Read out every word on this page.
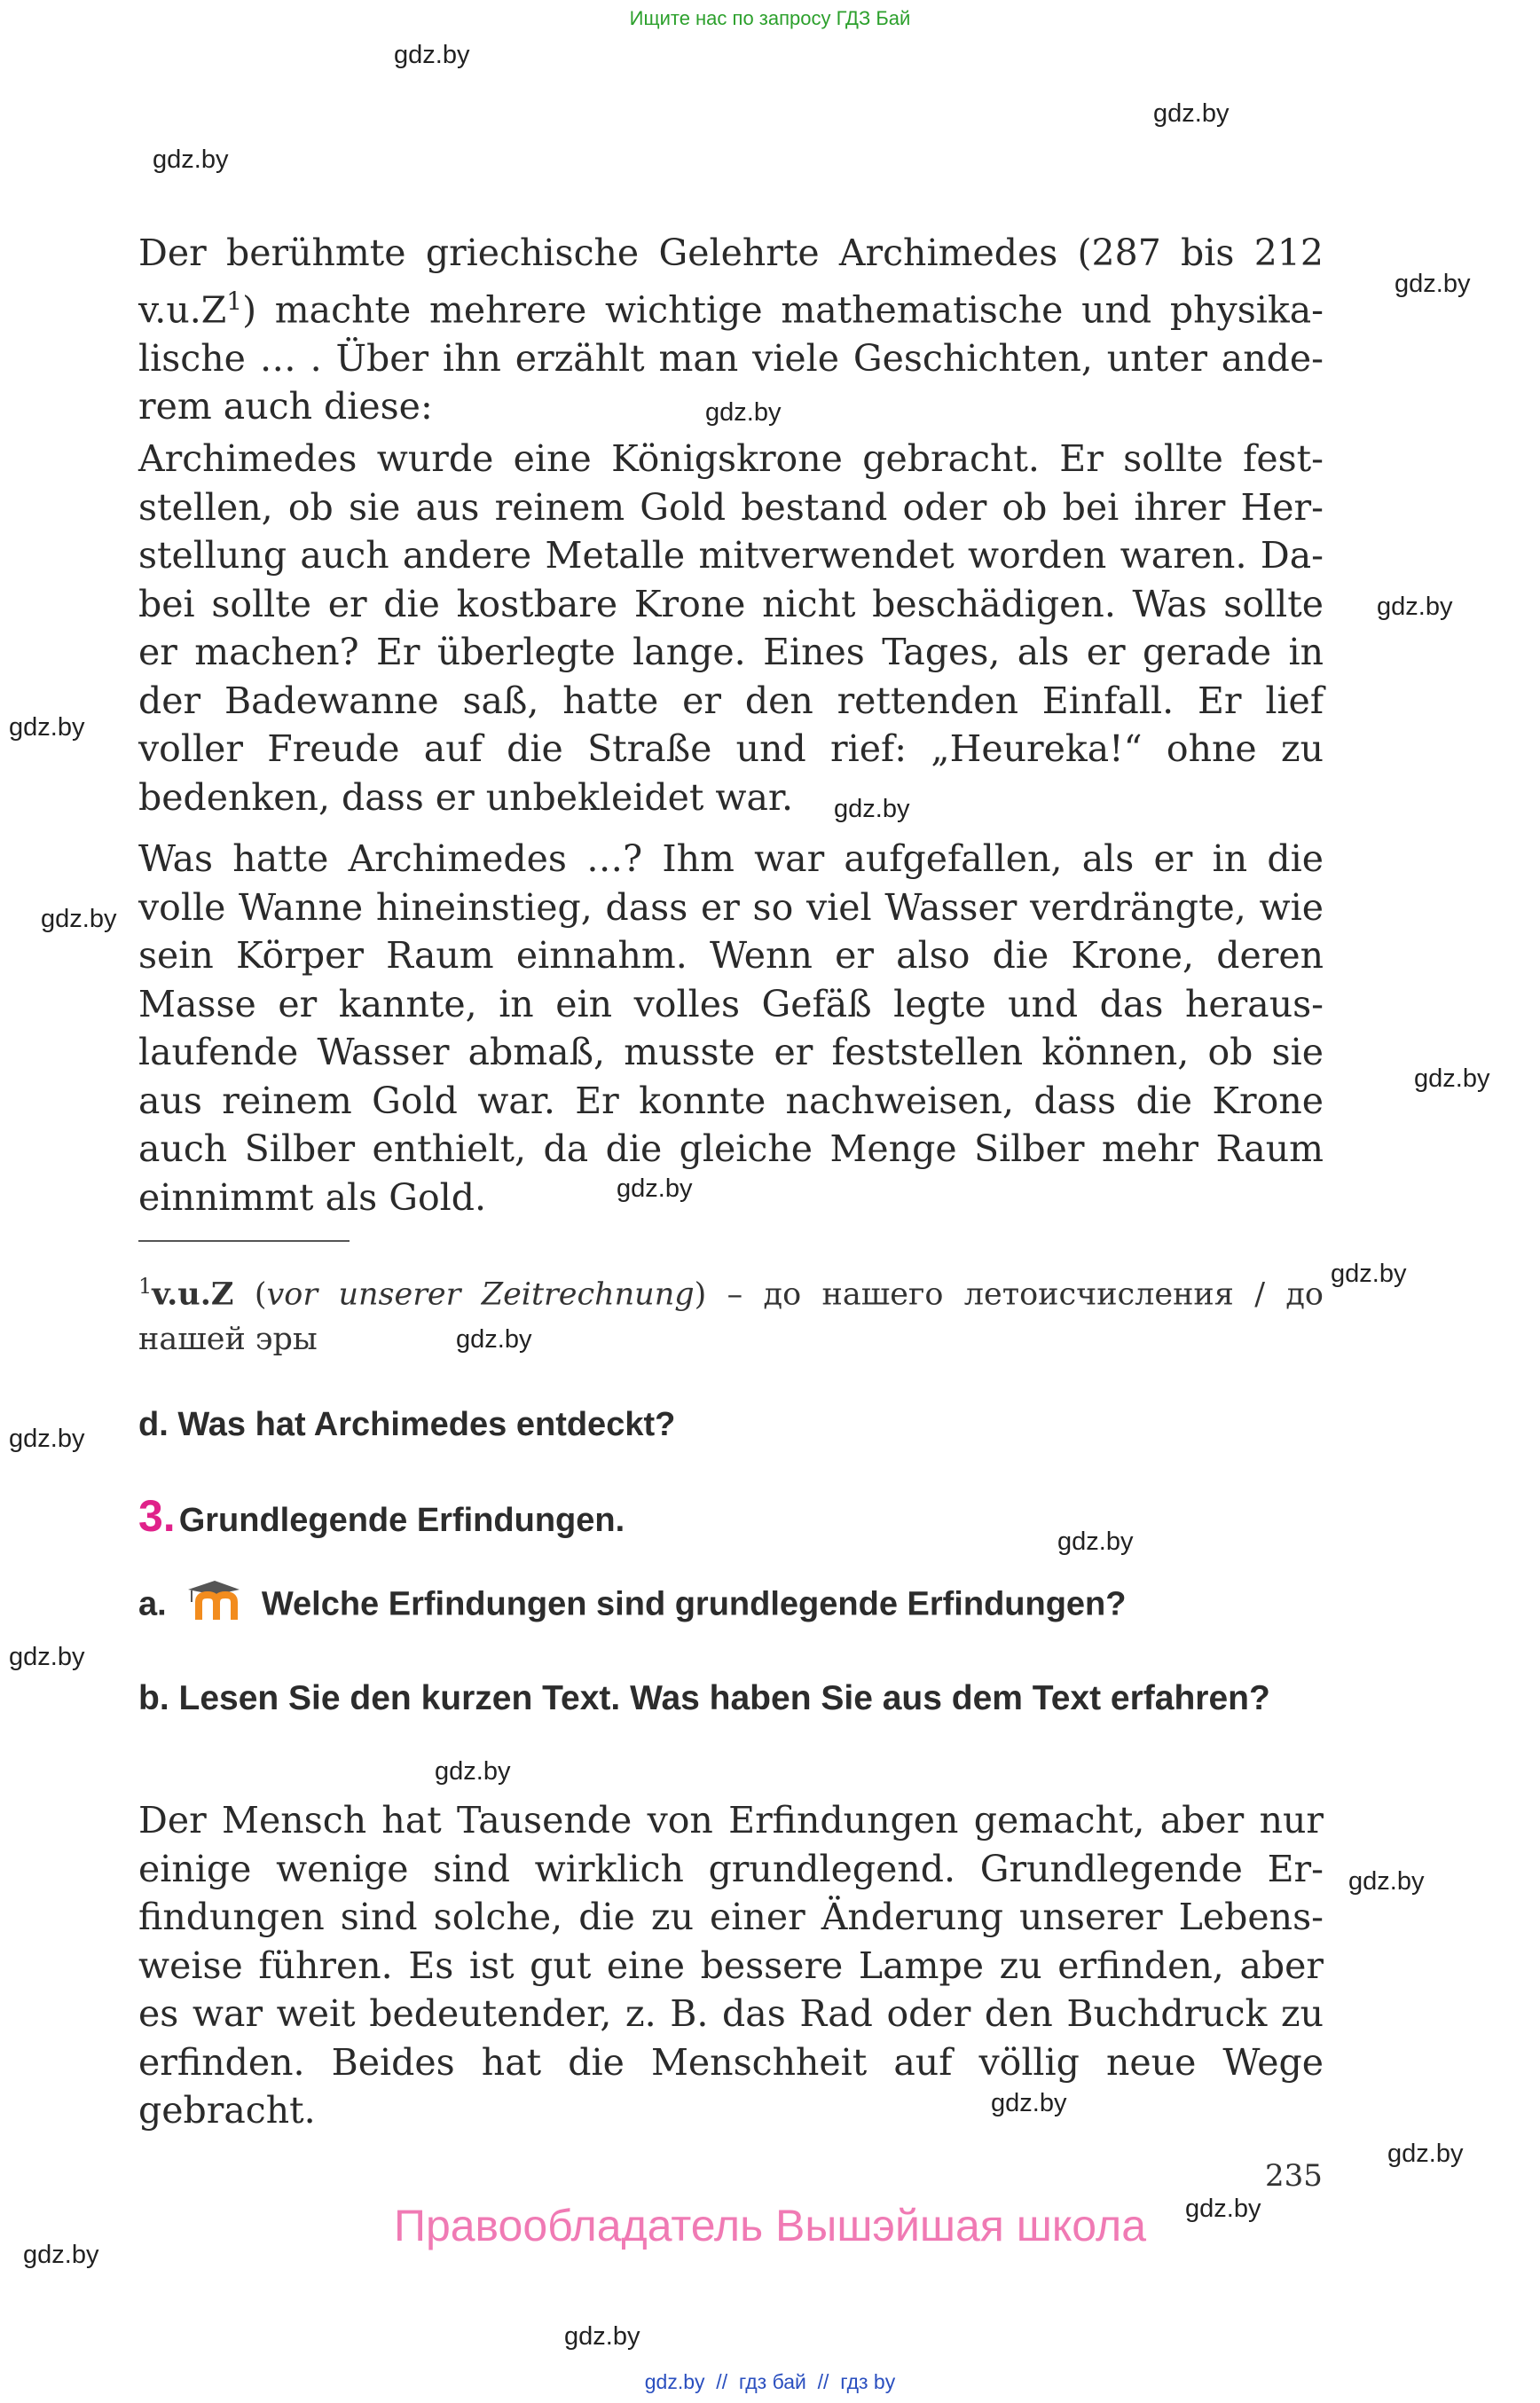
Ищите нас по запросу ГДЗ Бай
gdz.by
gdz.by
gdz.by
gdz.by
gdz.by
gdz.by
gdz.by
gdz.by
gdz.by
gdz.by
gdz.by
gdz.by
gdz.by
gdz.by
gdz.by
gdz.by
gdz.by
gdz.by
gdz.by
gdz.by
gdz.by
gdz.by
gdz.by

Der berühmte griechische Gelehrte Archimedes (287 bis 212 $v.u.Z^1$) machte mehrere wichtige mathematische und physikalische … . Über ihn erzählt man viele Geschichten, unter anderem auch diese:

Archimedes wurde eine Königskrone gebracht. Er sollte feststellen, ob sie aus reinem Gold bestand oder ob bei ihrer Herstellung auch andere Metalle mitverwendet worden waren. Dabei sollte er die kostbare Krone nicht beschädigen. Was sollte er machen? Er überlegte lange. Eines Tages, als er gerade in der Badewanne saß, hatte er den rettenden Einfall. Er lief voller Freude auf die Straße und rief: „Heureka!“ ohne zu bedenken, dass er unbekleidet war.

Was hatte Archimedes …? Ihm war aufgefallen, als er in die volle Wanne hineinstieg, dass er so viel Wasser verdrängte, wie sein Körper Raum einnahm. Wenn er also die Krone, deren Masse er kannte, in ein volles Gefäß legte und das herauslaufende Wasser abmaß, musste er feststellen können, ob sie aus reinem Gold war. Er konnte nachweisen, dass die Krone auch Silber enthielt, da die gleiche Menge Silber mehr Raum einnimmt als Gold.

$^1$v.u.Z (vor unserer Zeitrechnung) – до нашего летоисчисления / до нашей эры

d. Was hat Archimedes entdeckt?
3. Grundlegende Erfindungen.
a.	Welche Erfindungen sind grundlegende Erfindungen?
b. Lesen Sie den kurzen Text. Was haben Sie aus dem Text erfahren?

Der Mensch hat Tausende von Erfindungen gemacht, aber nur einige wenige sind wirklich grundlegend. Grundlegende Erfindungen sind solche, die zu einer Änderung unserer Lebensweise führen. Es ist gut eine bessere Lampe zu erfinden, aber es war weit bedeutender, z. B. das Rad oder den Buchdruck zu erfinden. Beides hat die Menschheit auf völlig neue Wege gebracht.

235
Правообладатель Вышэйшая школа
gdz.by  //  гдз бай  //  гдз by
